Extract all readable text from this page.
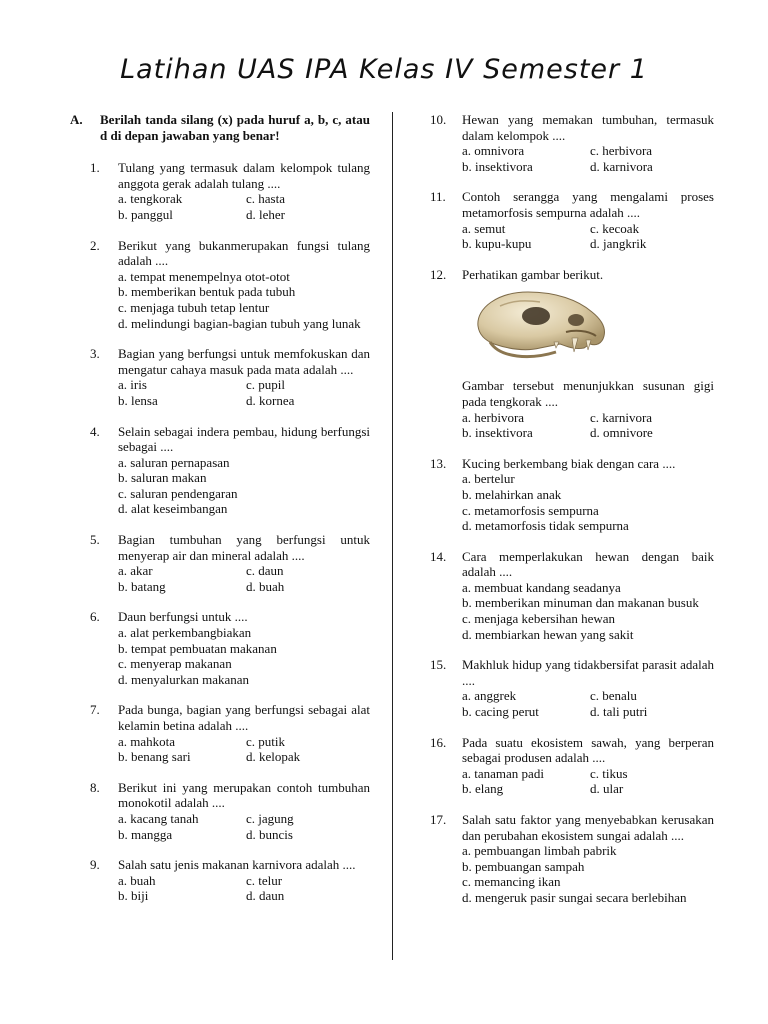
Latihan UAS IPA Kelas IV Semester 1
A.	Berilah tanda silang (x) pada huruf a, b, c, atau d di depan jawaban yang benar!
1.	Tulang yang termasuk dalam kelompok tulang anggota gerak adalah tulang ....
a. tengkorak	c. hasta
b. panggul	d. leher
2.	Berikut yang bukanmerupakan fungsi tulang adalah ....
a. tempat menempelnya otot-otot
b. memberikan bentuk pada tubuh
c. menjaga tubuh tetap lentur
d. melindungi bagian-bagian tubuh yang lunak
3.	Bagian yang berfungsi untuk memfokuskan dan mengatur cahaya masuk pada mata adalah ....
a. iris	c. pupil
b. lensa	d. kornea
4.	Selain sebagai indera pembau, hidung berfungsi sebagai ....
a. saluran pernapasan
b. saluran makan
c. saluran pendengaran
d. alat keseimbangan
5.	Bagian tumbuhan yang berfungsi untuk menyerap air dan mineral adalah ....
a. akar	c. daun
b. batang	d. buah
6.	Daun berfungsi untuk ....
a. alat perkembangbiakan
b. tempat pembuatan makanan
c. menyerap makanan
d. menyalurkan makanan
7.	Pada bunga, bagian yang berfungsi sebagai alat kelamin betina adalah ....
a. mahkota	c. putik
b. benang sari	d. kelopak
8.	Berikut ini yang merupakan contoh tumbuhan monokotil adalah ....
a. kacang tanah	c. jagung
b. mangga	d. buncis
9.	Salah satu jenis makanan karnivora adalah ....
a. buah	c. telur
b. biji	d. daun
10.	Hewan yang memakan tumbuhan, termasuk dalam kelompok ....
a. omnivora	c. herbivora
b. insektivora	d. karnivora
11.	Contoh serangga yang mengalami proses metamorfosis sempurna adalah ....
a. semut	c. kecoak
b. kupu-kupu	d. jangkrik
12.	Perhatikan gambar berikut.
Gambar tersebut menunjukkan susunan gigi pada tengkorak ....
a. herbivora	c. karnivora
b. insektivora	d. omnivore
13.	Kucing berkembang biak dengan cara ....
a. bertelur
b. melahirkan anak
c. metamorfosis sempurna
d. metamorfosis tidak sempurna
14.	Cara memperlakukan hewan dengan baik adalah ....
a. membuat kandang seadanya
b. memberikan minuman dan makanan busuk
c. menjaga kebersihan hewan
d. membiarkan hewan yang sakit
15.	Makhluk hidup yang tidakbersifat parasit adalah ....
a. anggrek	c. benalu
b. cacing perut	d. tali putri
16.	Pada suatu ekosistem sawah, yang berperan sebagai produsen adalah ....
a. tanaman padi	c. tikus
b. elang	d. ular
17.	Salah satu faktor yang menyebabkan kerusakan dan perubahan ekosistem sungai adalah ....
a. pembuangan limbah pabrik
b. pembuangan sampah
c. memancing ikan
d. mengeruk pasir sungai secara berlebihan
